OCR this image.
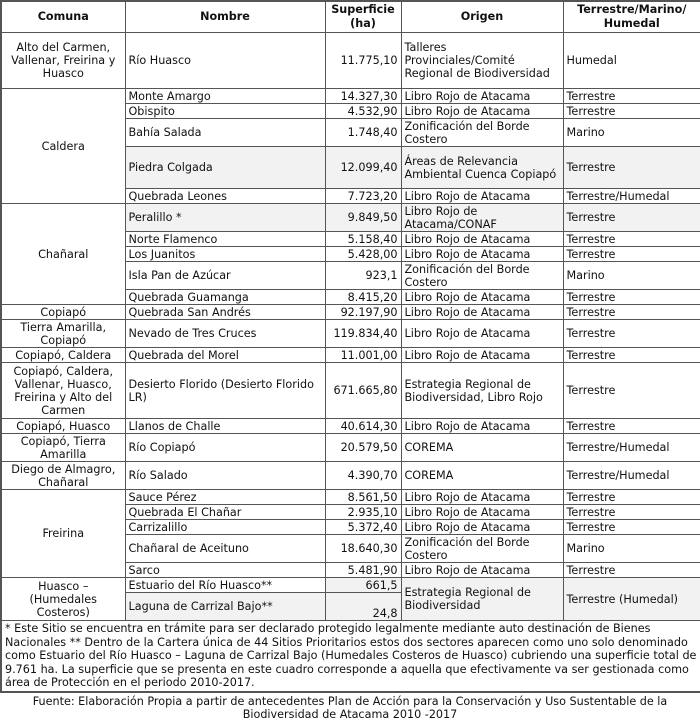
Comuna	Nombre	Superficie (ha)	Origen	Terrestre/Marino/ Humedal
Alto del Carmen, Vallenar, Freirina y Huasco	Río Huasco	11.775,10	Talleres Provinciales/Comité Regional de Biodiversidad	Humedal
Caldera	Monte Amargo	14.327,30	Libro Rojo de Atacama	Terrestre
	Obispito	4.532,90	Libro Rojo de Atacama	Terrestre
	Bahía Salada	1.748,40	Zonificación del Borde Costero	Marino
	Piedra Colgada	12.099,40	Áreas de Relevancia Ambiental Cuenca Copiapó	Terrestre
	Quebrada Leones	7.723,20	Libro Rojo de Atacama	Terrestre/Humedal
Chañaral	Peralillo *	9.849,50	Libro Rojo de Atacama/CONAF	Terrestre
	Norte Flamenco	5.158,40	Libro Rojo de Atacama	Terrestre
	Los Juanitos	5.428,00	Libro Rojo de Atacama	Terrestre
	Isla Pan de Azúcar	923,1	Zonificación del Borde Costero	Marino
	Quebrada Guamanga	8.415,20	Libro Rojo de Atacama	Terrestre
Copiapó	Quebrada San Andrés	92.197,90	Libro Rojo de Atacama	Terrestre
Tierra Amarilla, Copiapó	Nevado de Tres Cruces	119.834,40	Libro Rojo de Atacama	Terrestre
Copiapó, Caldera	Quebrada del Morel	11.001,00	Libro Rojo de Atacama	Terrestre
Copiapó, Caldera, Vallenar, Huasco, Freirina y Alto del Carmen	Desierto Florido (Desierto Florido LR)	671.665,80	Estrategia Regional de Biodiversidad, Libro Rojo	Terrestre
Copiapó, Huasco	Llanos de Challe	40.614,30	Libro Rojo de Atacama	Terrestre
Copiapó, Tierra Amarilla	Río Copiapó	20.579,50	COREMA	Terrestre/Humedal
Diego de Almagro, Chañaral	Río Salado	4.390,70	COREMA	Terrestre/Humedal
Freirina	Sauce Pérez	8.561,50	Libro Rojo de Atacama	Terrestre
	Quebrada El Chañar	2.935,10	Libro Rojo de Atacama	Terrestre
	Carrizalillo	5.372,40	Libro Rojo de Atacama	Terrestre
	Chañaral de Aceituno	18.640,30	Zonificación del Borde Costero	Marino
	Sarco	5.481,90	Libro Rojo de Atacama	Terrestre
Huasco – (Humedales Costeros)	Estuario del Río Huasco**	661,5	Estrategia Regional de Biodiversidad	Terrestre (Humedal)
	Laguna de Carrizal Bajo**	24,8		
* Este Sitio se encuentra en trámite para ser declarado protegido legalmente mediante auto destinación de Bienes Nacionales ** Dentro de la Cartera única de 44 Sitios Prioritarios estos dos sectores aparecen como uno solo denominado como Estuario del Río Huasco – Laguna de Carrizal Bajo (Humedales Costeros de Huasco) cubriendo una superficie total de 9.761 ha. La superficie que se presenta en este cuadro corresponde a aquella que efectivamente va ser gestionada como área de Protección en el periodo 2010-2017.				
Fuente: Elaboración Propia a partir de antecedentes Plan de Acción para la Conservación y Uso Sustentable de la Biodiversidad de Atacama 2010 -2017
